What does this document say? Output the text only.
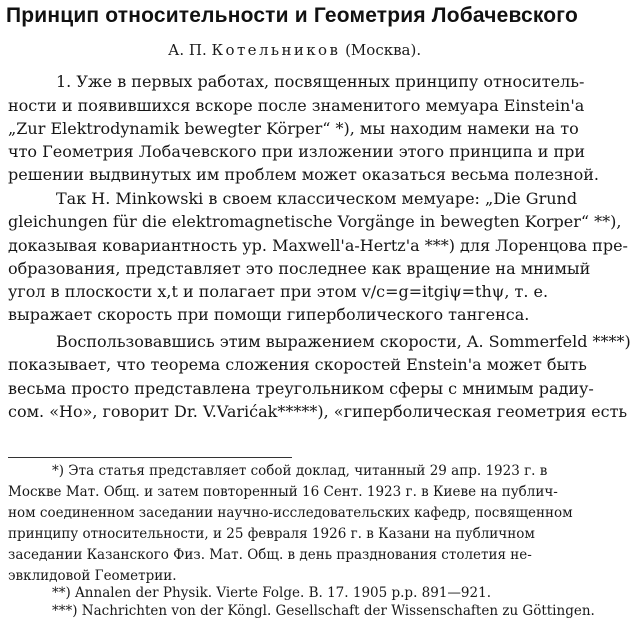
Принцип относительности и Геометрия Лобачевского
А. П. Котельников (Москва).
1. Уже в первых работах, посвященных принципу относитель-
ности и появившихся вскоре после знаменитого мемуара Einstein'а
„Zur Elektrodynamik bewegter Körper“ *), мы находим намеки на то
что Геометрия Лобачевского при изложении этого принципа и при
решении выдвинутых им проблем может оказаться весьма полезной.
Так H. Minkowski в своем классическом мемуаре: „Die Grund
gleichungen für die elektromagnetische Vorgänge in bewegten Korper“ **),
доказывая ковариантность ур. Maxwell'а-Hertz'а ***) для Лоренцова пре-
образования, представляет это последнее как вращение на мнимый
угол в плоскости x,t и полагает при этом v/c=g=itgiψ=thψ, т. е.
выражает скорость при помощи гиперболического тангенса.
Воспользовавшись этим выражением скорости, A. Sommerfeld ****)
показывает, что теорема сложения скоростей Enstein'а может быть
весьма просто представлена треугольником сферы с мнимым радиу-
сом. «Но», говорит Dr. V.Varićak*****), «гиперболическая геометрия есть
*) Эта статья представляет собой доклад, читанный 29 апр. 1923 г. в
Москве Мат. Общ. и затем повторенный 16 Сент. 1923 г. в Киеве на публич-
ном соединенном заседании научно-исследовательских кафедр, посвященном
принципу относительности, и 25 февраля 1926 г. в Казани на публичном
заседании Казанского Физ. Мат. Общ. в день празднования столетия не-
эвклидовой Геометрии.
**) Annalen der Physik. Vierte Folge. B. 17. 1905 p.p. 891—921.
***) Nachrichten von der Köngl. Gesellschaft der Wissenschaften zu Göttingen.
